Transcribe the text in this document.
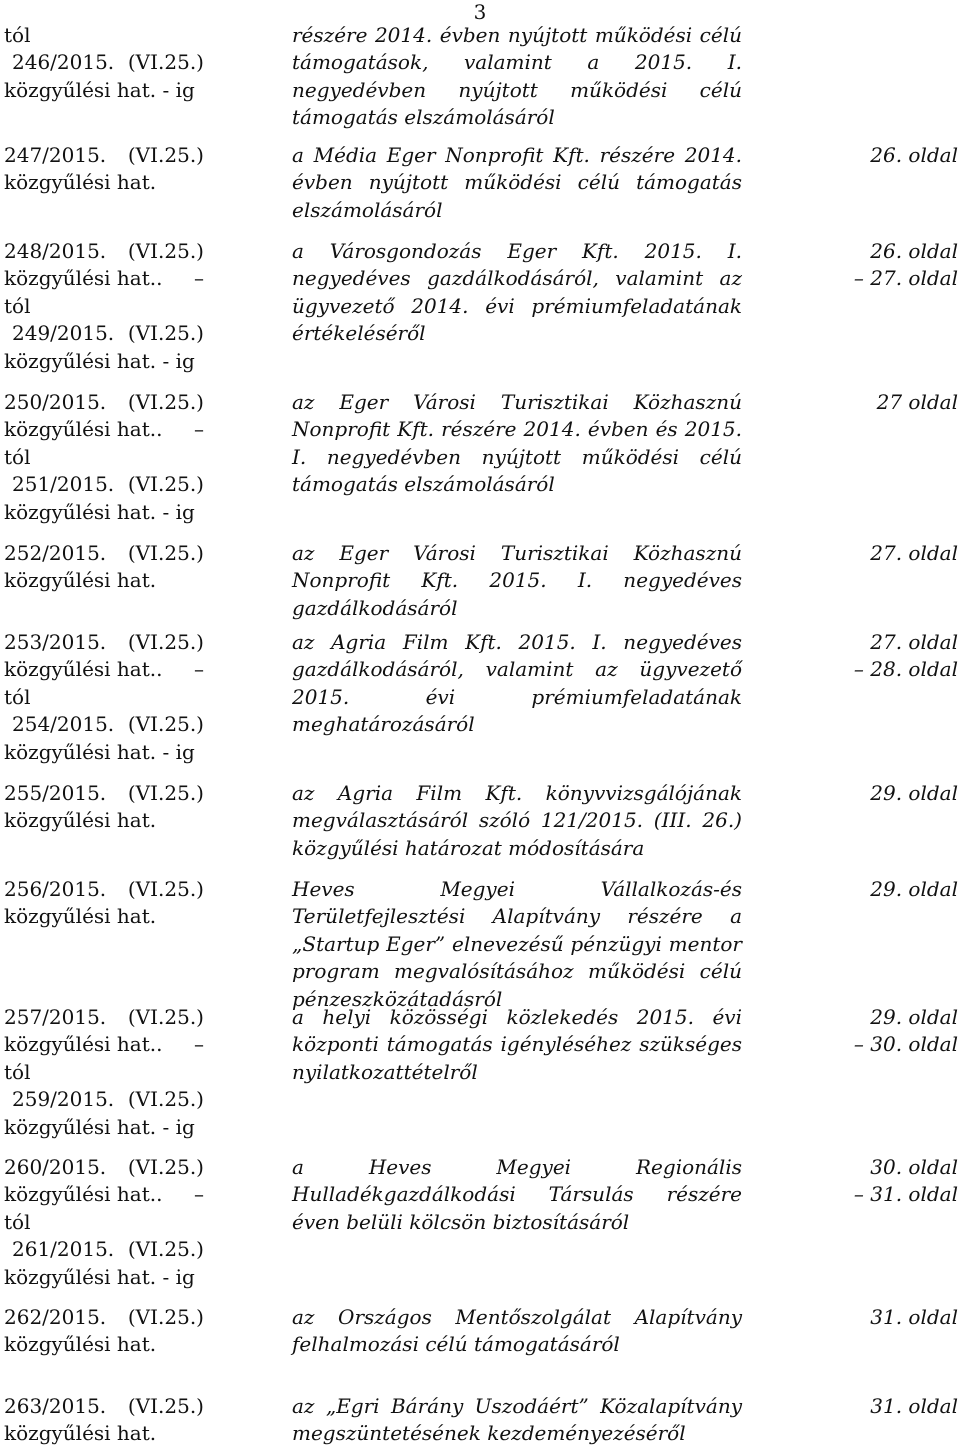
3
tól
246/2015. (VI.25.)
közgyűlési hat. - ig
részére 2014. évben nyújtott működési célú támogatások, valamint a 2015. I. negyedévben nyújtott működési célú támogatás elszámolásáról
247/2015. (VI.25.)
közgyűlési hat.
a Média Eger Nonprofit Kft. részére 2014. évben nyújtott működési célú támogatás elszámolásáról
26. oldal
248/2015. (VI.25.)
közgyűlési hat.. –
tól
249/2015. (VI.25.)
közgyűlési hat. - ig
a Városgondozás Eger Kft. 2015. I. negyedéves gazdálkodásáról, valamint az ügyvezető 2014. évi prémiumfeladatának értékeléséről
26. oldal
– 27. oldal
250/2015. (VI.25.)
közgyűlési hat.. –
tól
251/2015. (VI.25.)
közgyűlési hat. - ig
az Eger Városi Turisztikai Közhasznú Nonprofit Kft. részére 2014. évben és 2015. I. negyedévben nyújtott működési célú támogatás elszámolásáról
27 oldal
252/2015. (VI.25.)
közgyűlési hat.
az Eger Városi Turisztikai Közhasznú Nonprofit Kft. 2015. I. negyedéves gazdálkodásáról
27. oldal
253/2015. (VI.25.)
közgyűlési hat.. –
tól
254/2015. (VI.25.)
közgyűlési hat. - ig
az Agria Film Kft. 2015. I. negyedéves gazdálkodásáról, valamint az ügyvezető 2015. évi prémiumfeladatának meghatározásáról
27. oldal
– 28. oldal
255/2015. (VI.25.)
közgyűlési hat.
az Agria Film Kft. könyvvizsgálójának megválasztásáról szóló 121/2015. (III. 26.) közgyűlési határozat módosítására
29. oldal
256/2015. (VI.25.)
közgyűlési hat.
Heves Megyei Vállalkozás-és Területfejlesztési Alapítvány részére a „Startup Eger” elnevezésű pénzügyi mentor program megvalósításához működési célú pénzeszközátadásról
29. oldal
257/2015. (VI.25.)
közgyűlési hat.. –
tól
259/2015. (VI.25.)
közgyűlési hat. - ig
a helyi közösségi közlekedés 2015. évi központi támogatás igényléséhez szükséges nyilatkozattételről
29. oldal
– 30. oldal
260/2015. (VI.25.)
közgyűlési hat.. –
tól
261/2015. (VI.25.)
közgyűlési hat. - ig
a Heves Megyei Regionális Hulladékgazdálkodási Társulás részére éven belüli kölcsön biztosításáról
30. oldal
– 31. oldal
262/2015. (VI.25.)
közgyűlési hat.
az Országos Mentőszolgálat Alapítvány felhalmozási célú támogatásáról
31. oldal
263/2015. (VI.25.)
közgyűlési hat.
az „Egri Bárány Uszodáért” Közalapítvány megszüntetésének kezdeményezéséről
31. oldal
